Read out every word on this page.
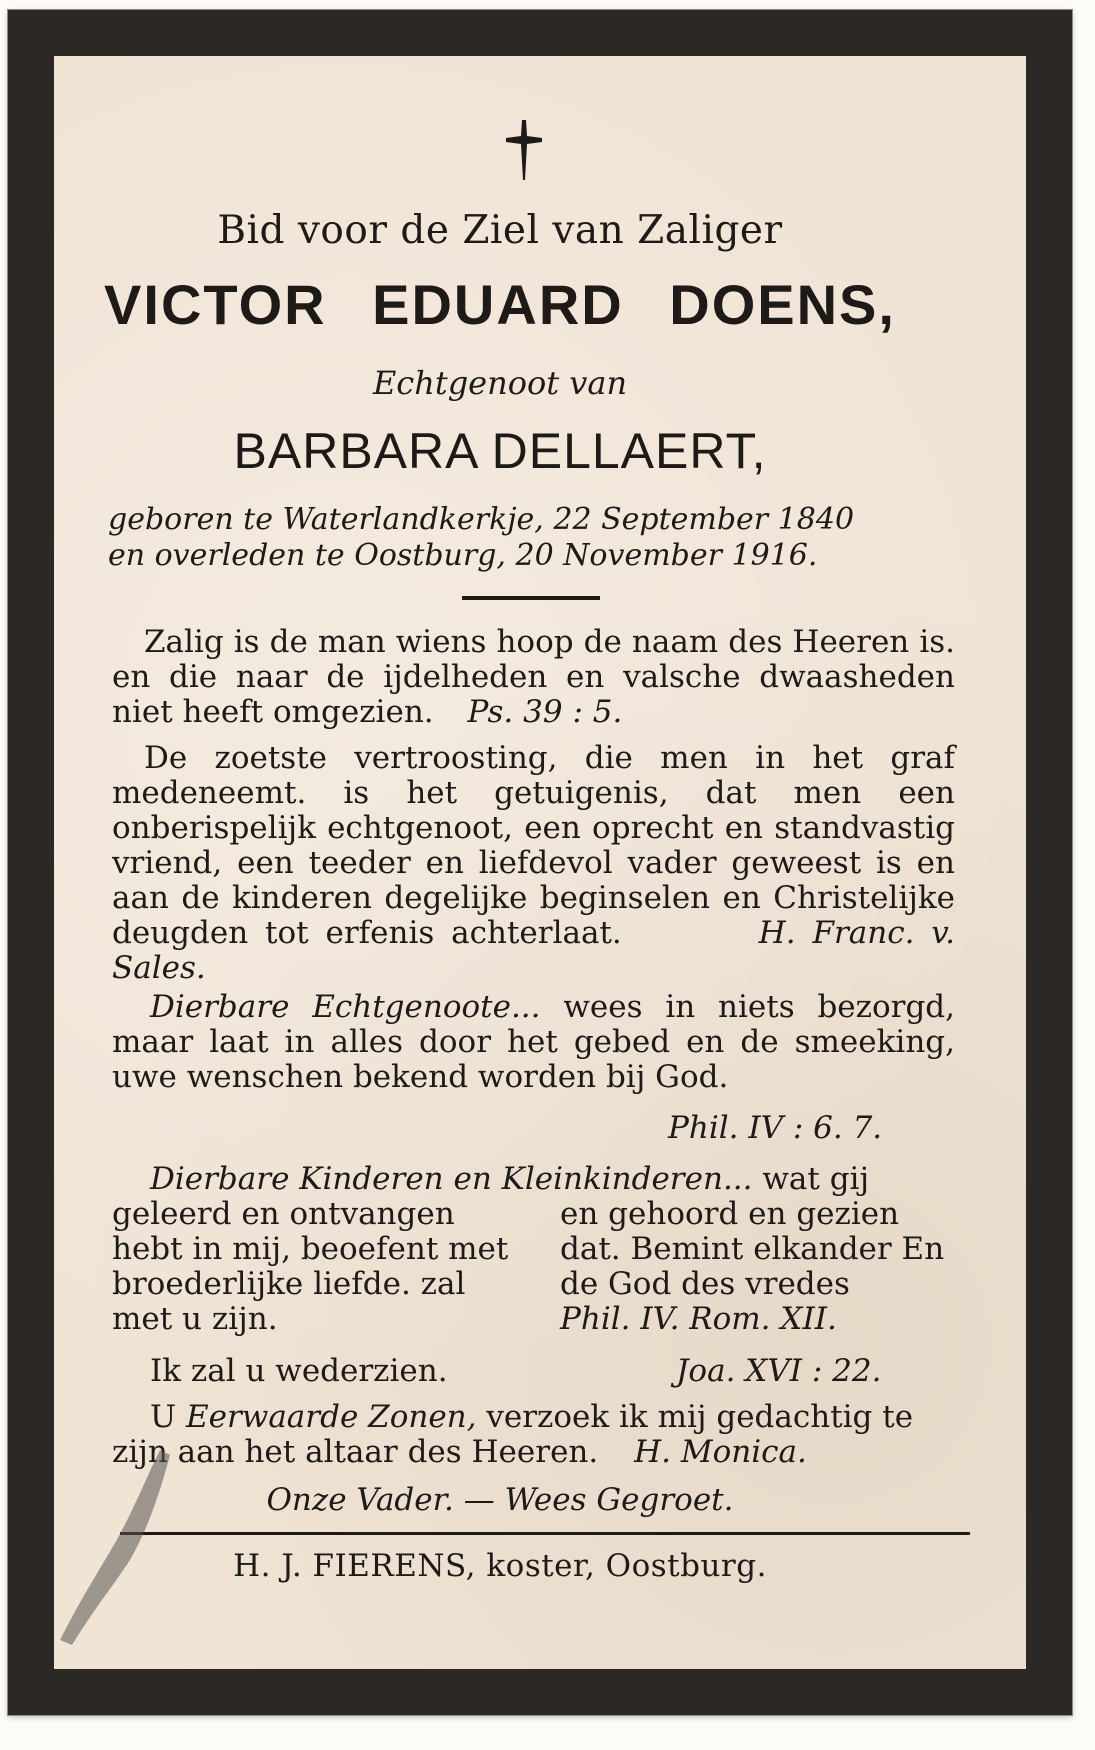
Bid voor de Ziel van Zaliger
VICTOR EDUARD DOENS,
Echtgenoot van
BARBARA DELLAERT,
geboren te Waterlandkerkje, 22 September 1840
en overleden te Oostburg, 20 November 1916.
Zalig is de man wiens hoop de naam des Heeren is. en die naar de ijdelheden en valsche dwaasheden niet heeft omgezien. Ps. 39 : 5.
De zoetste vertroosting, die men in het graf medeneemt. is het getuigenis, dat men een onberispelijk echtgenoot, een oprecht en standvastig vriend, een teeder en liefdevol vader geweest is en aan de kinderen degelijke beginselen en Christelijke deugden tot erfenis achterlaat.	H. Franc. v. Sales.
Dierbare Echtgenoote... wees in niets bezorgd, maar laat in alles door het gebed en de smeeking, uwe wenschen bekend worden bij God.
Phil. IV : 6. 7.
Dierbare Kinderen en Kleinkinderen... wat gij
geleerd en ontvangen hebt in mij, beoefent met broederlijke liefde. zal met u zijn.
en gehoord en gezien dat. Bemint elkander En de God des vredes
Phil. IV. Rom. XII.
Ik zal u wederzien.	Joa. XVI : 22.
U Eerwaarde Zonen, verzoek ik mij gedachtig te zijn aan het altaar des Heeren. H. Monica.
Onze Vader. — Wees Gegroet.
H. J. FIERENS, koster, Oostburg.
